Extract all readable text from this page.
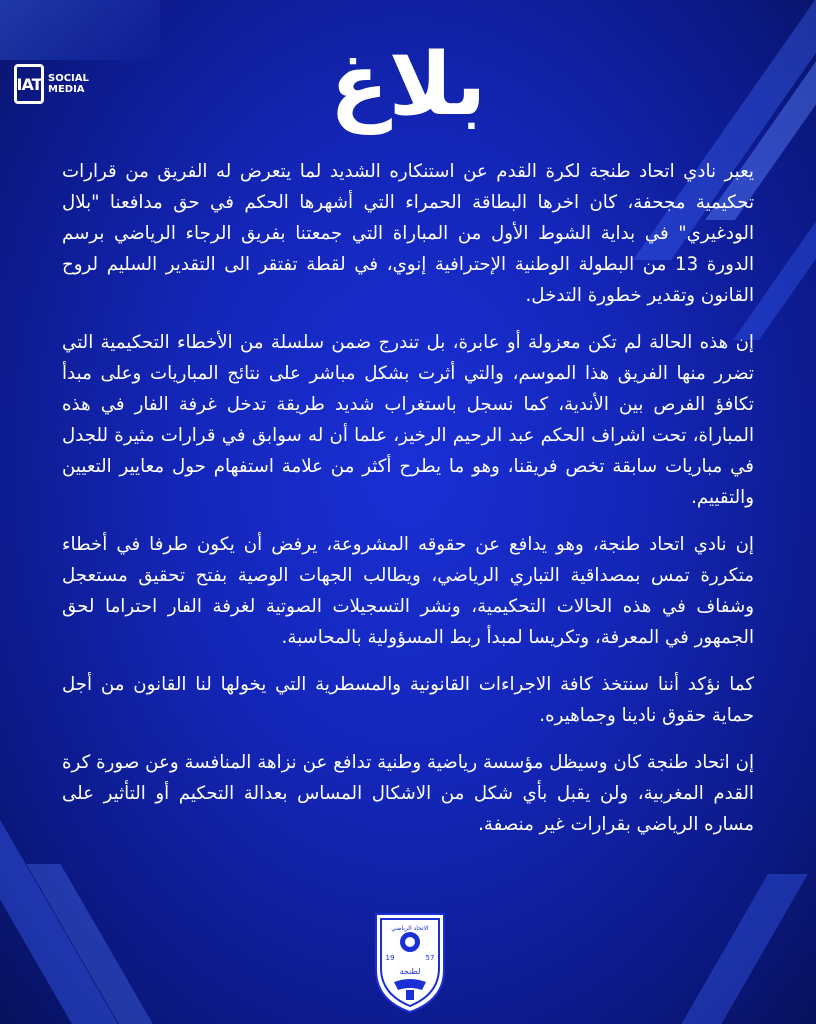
IAT SOCIAL
MEDIA	بلاغ

يعبر نادي اتحاد طنجة لكرة القدم عن استنكاره الشديد لما يتعرض له الفريق من قرارات تحكيمية مجحفة، كان اخرها البطاقة الحمراء التي أشهرها الحكم في حق مدافعنا "بلال الودغيري" في بداية الشوط الأول من المباراة التي جمعتنا بفريق الرجاء الرياضي برسم الدورة 13 من البطولة الوطنية الإحترافية إنوي، في لقطة تفتقر الى التقدير السليم لروح القانون وتقدير خطورة التدخل.

إن هذه الحالة لم تكن معزولة أو عابرة، بل تندرج ضمن سلسلة من الأخطاء التحكيمية التي تضرر منها الفريق هذا الموسم، والتي أثرت بشكل مباشر على نتائج المباريات وعلى مبدأ تكافؤ الفرص بين الأندية، كما نسجل باستغراب شديد طريقة تدخل غرفة الفار في هذه المباراة، تحت اشراف الحكم عبد الرحيم الرخيز، علما أن له سوابق في قرارات مثيرة للجدل في مباريات سابقة تخص فريقنا، وهو ما يطرح أكثر من علامة استفهام حول معايير التعيين والتقييم.

إن نادي اتحاد طنجة، وهو يدافع عن حقوقه المشروعة، يرفض أن يكون طرفا في أخطاء متكررة تمس بمصداقية التباري الرياضي، ويطالب الجهات الوصية بفتح تحقيق مستعجل وشفاف في هذه الحالات التحكيمية، ونشر التسجيلات الصوتية لغرفة الفار احتراما لحق الجمهور في المعرفة، وتكريسا لمبدأ ربط المسؤولية بالمحاسبة.

كما نؤكد أننا سنتخذ كافة الاجراءات القانونية والمسطرية التي يخولها لنا القانون من أجل حماية حقوق نادينا وجماهيره.

إن اتحاد طنجة كان وسيظل مؤسسة رياضية وطنية تدافع عن نزاهة المنافسة وعن صورة كرة القدم المغربية، ولن يقبل بأي شكل من الاشكال المساس بعدالة التحكيم أو التأثير على مساره الرياضي بقرارات غير منصفة.

الاتحاد الرياضي
19	57
لطنجة
